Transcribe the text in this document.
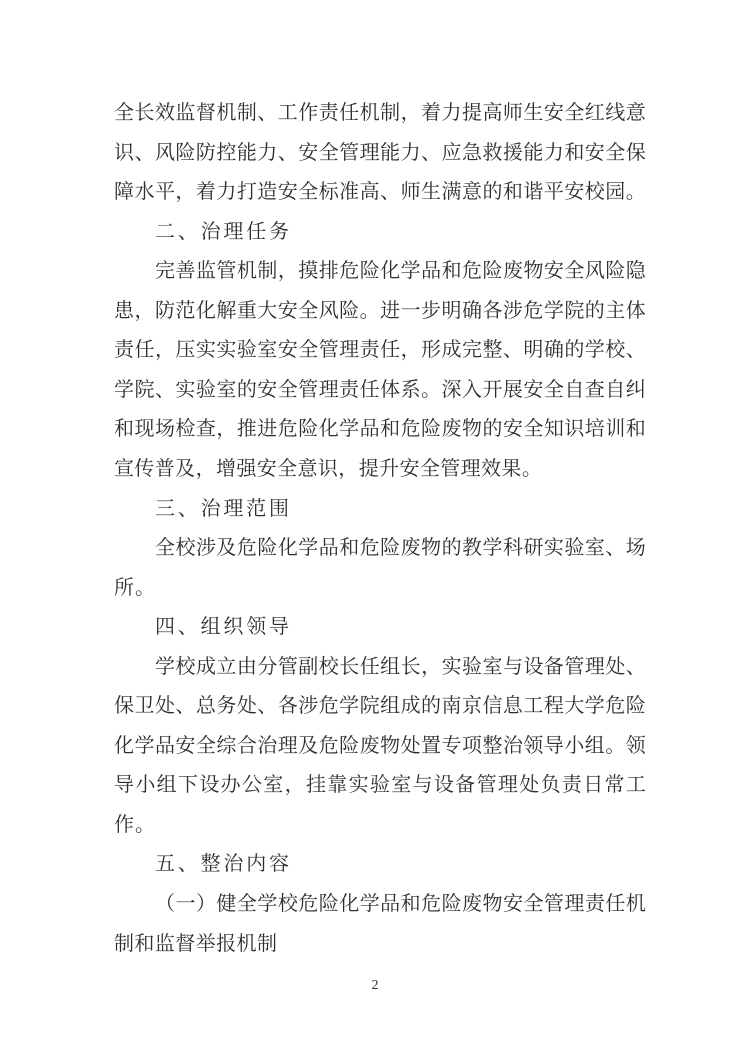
全 长 效 监 督 机 制 、 工 作 责 任 机 制 ， 着 力 提 高 师 生 安 全 红 线 意
识 、 风 险 防 控 能 力 、 安 全 管 理 能 力 、 应 急 救 援 能 力 和 安 全 保
障 水 平 ， 着 力 打 造 安 全 标 准 高 、 师 生 满 意 的 和 谐 平 安 校 园 。
二 、 治 理 任 务
完 善 监 管 机 制 ， 摸 排 危 险 化 学 品 和 危 险 废 物 安 全 风 险 隐
患 ， 防 范 化 解 重 大 安 全 风 险 。 进 一 步 明 确 各 涉 危 学 院 的 主 体
责 任 ， 压 实 实 验 室 安 全 管 理 责 任 ， 形 成 完 整 、 明 确 的 学 校 、
学 院 、 实 验 室 的 安 全 管 理 责 任 体 系 。 深 入 开 展 安 全 自 查 自 纠
和 现 场 检 查 ， 推 进 危 险 化 学 品 和 危 险 废 物 的 安 全 知 识 培 训 和
宣 传 普 及 ， 增 强 安 全 意 识 ， 提 升 安 全 管 理 效 果 。
三 、 治 理 范 围
全 校 涉 及 危 险 化 学 品 和 危 险 废 物 的 教 学 科 研 实 验 室 、 场
所 。
四 、 组 织 领 导
学 校 成 立 由 分 管 副 校 长 任 组 长 ， 实 验 室 与 设 备 管 理 处 、
保 卫 处 、 总 务 处 、 各 涉 危 学 院 组 成 的 南 京 信 息 工 程 大 学 危 险
化 学 品 安 全 综 合 治 理 及 危 险 废 物 处 置 专 项 整 治 领 导 小 组 。 领
导 小 组 下 设 办 公 室 ， 挂 靠 实 验 室 与 设 备 管 理 处 负 责 日 常 工
作 。
五 、 整 治 内 容
（ 一 ） 健 全 学 校 危 险 化 学 品 和 危 险 废 物 安 全 管 理 责 任 机
制 和 监 督 举 报 机 制
2
